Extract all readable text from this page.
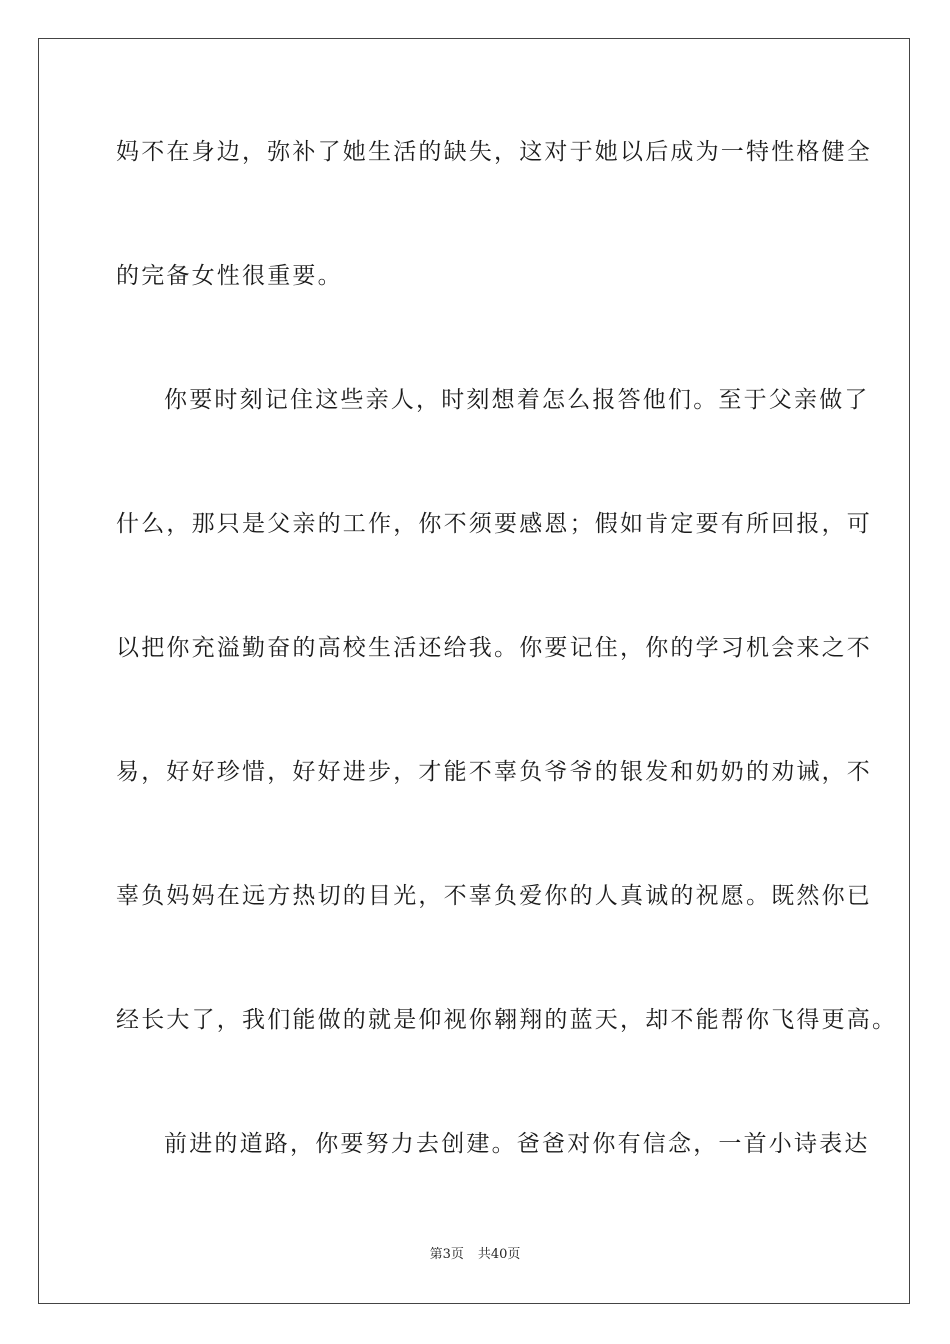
妈不在身边，弥补了她生活的缺失，这对于她以后成为一特性格健全
的完备女性很重要。
你要时刻记住这些亲人，时刻想着怎么报答他们。至于父亲做了
什么，那只是父亲的工作，你不须要感恩；假如肯定要有所回报，可
以把你充溢勤奋的高校生活还给我。你要记住，你的学习机会来之不
易，好好珍惜，好好进步，才能不辜负爷爷的银发和奶奶的劝诫，不
辜负妈妈在远方热切的目光，不辜负爱你的人真诚的祝愿。既然你已
经长大了，我们能做的就是仰视你翱翔的蓝天，却不能帮你飞得更高。
前进的道路，你要努力去创建。爸爸对你有信念，一首小诗表达
第3页 共40页
